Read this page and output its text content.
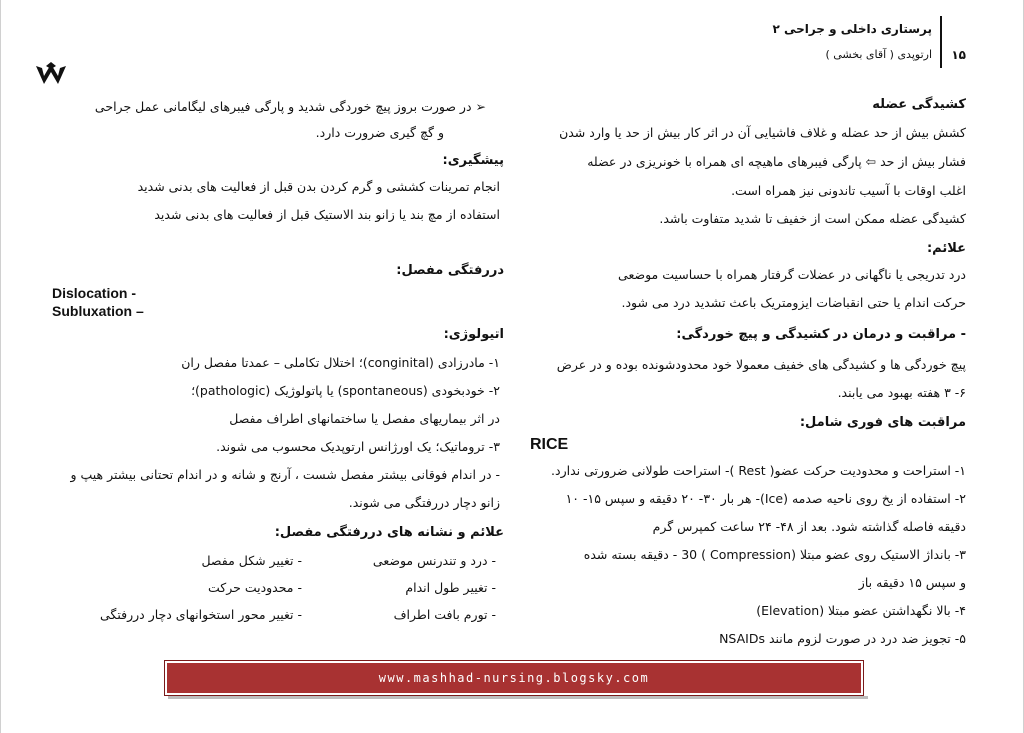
پرستاری داخلی و جراحی ۲
ارتوپدی ( آقای بخشی ) ۱۵
کشیدگی عضله
کشش بیش از حد عضله و غلاف فاشیایی آن در اثر کار بیش از حد یا وارد شدن
فشار بیش از حد ⇦ پارگی فیبرهای ماهیچه ای همراه با خونریزی در عضله
اغلب اوقات با آسیب تاندونی نیز همراه است.
کشیدگی عضله ممکن است از خفیف تا شدید متفاوت باشد.
علائم:
درد تدریجی یا ناگهانی در عضلات گرفتار همراه با حساسیت موضعی
حرکت اندام یا حتی انقباضات ایزومتریک باعث تشدید درد می شود.
- مراقبت و درمان در کشیدگی و پیچ خوردگی:
پیچ خوردگی ها و کشیدگی های خفیف معمولا خود محدودشونده بوده و در عرض
۶- ۳ هفته بهبود می یابند.
مراقبت های فوری شامل:
RICE
۱- استراحت و محدودیت حرکت عضو( Rest )- استراحت طولانی ضرورتی ندارد.
۲- استفاده از یخ روی ناحیه صدمه (Ice)- هر بار ۳۰- ۲۰ دقیقه و سپس ۱۵- ۱۰
دقیقه فاصله گذاشته شود. بعد از ۴۸- ۲۴ ساعت کمپرس گرم
۳- بانداژ الاستیک روی عضو مبتلا (Compression ) 30 - دقیقه بسته شده
و سپس ۱۵ دقیقه باز
۴- بالا نگهداشتن عضو مبتلا (Elevation)
۵- تجویز ضد درد در صورت لزوم مانند NSAIDs
➢ در صورت بروز پیچ خوردگی شدید و پارگی فیبرهای لیگامانی عمل جراحی
و گچ گیری ضرورت دارد.
پیشگیری:
انجام تمرینات کششی و گرم کردن بدن قبل از فعالیت های بدنی شدید
استفاده از مچ بند یا زانو بند الاستیک قبل از فعالیت های بدنی شدید
دررفتگی مفصل:
Dislocation -
Subluxation –
اتیولوژی:
۱- مادرزادی (conginital)؛ اختلال تکاملی – عمدتا مفصل ران
۲- خودبخودی (spontaneous) یا پاتولوژیک (pathologic)؛
در اثر بیماریهای مفصل یا ساختمانهای اطراف مفصل
۳- تروماتیک؛ یک اورژانس ارتوپدیک محسوب می شوند.
- در اندام فوقانی بیشتر مفصل شست ، آرنج و شانه و در اندام تحتانی بیشتر هیپ و
زانو دچار دررفتگی می شوند.
علائم و نشانه های دررفتگی مفصل:
- درد و تندرنس موضعی
- تغییر طول اندام
- تورم بافت اطراف
- تغییر شکل مفصل
- محدودیت حرکت
- تغییر محور استخوانهای دچار دررفتگی
www.mashhad-nursing.blogsky.com
